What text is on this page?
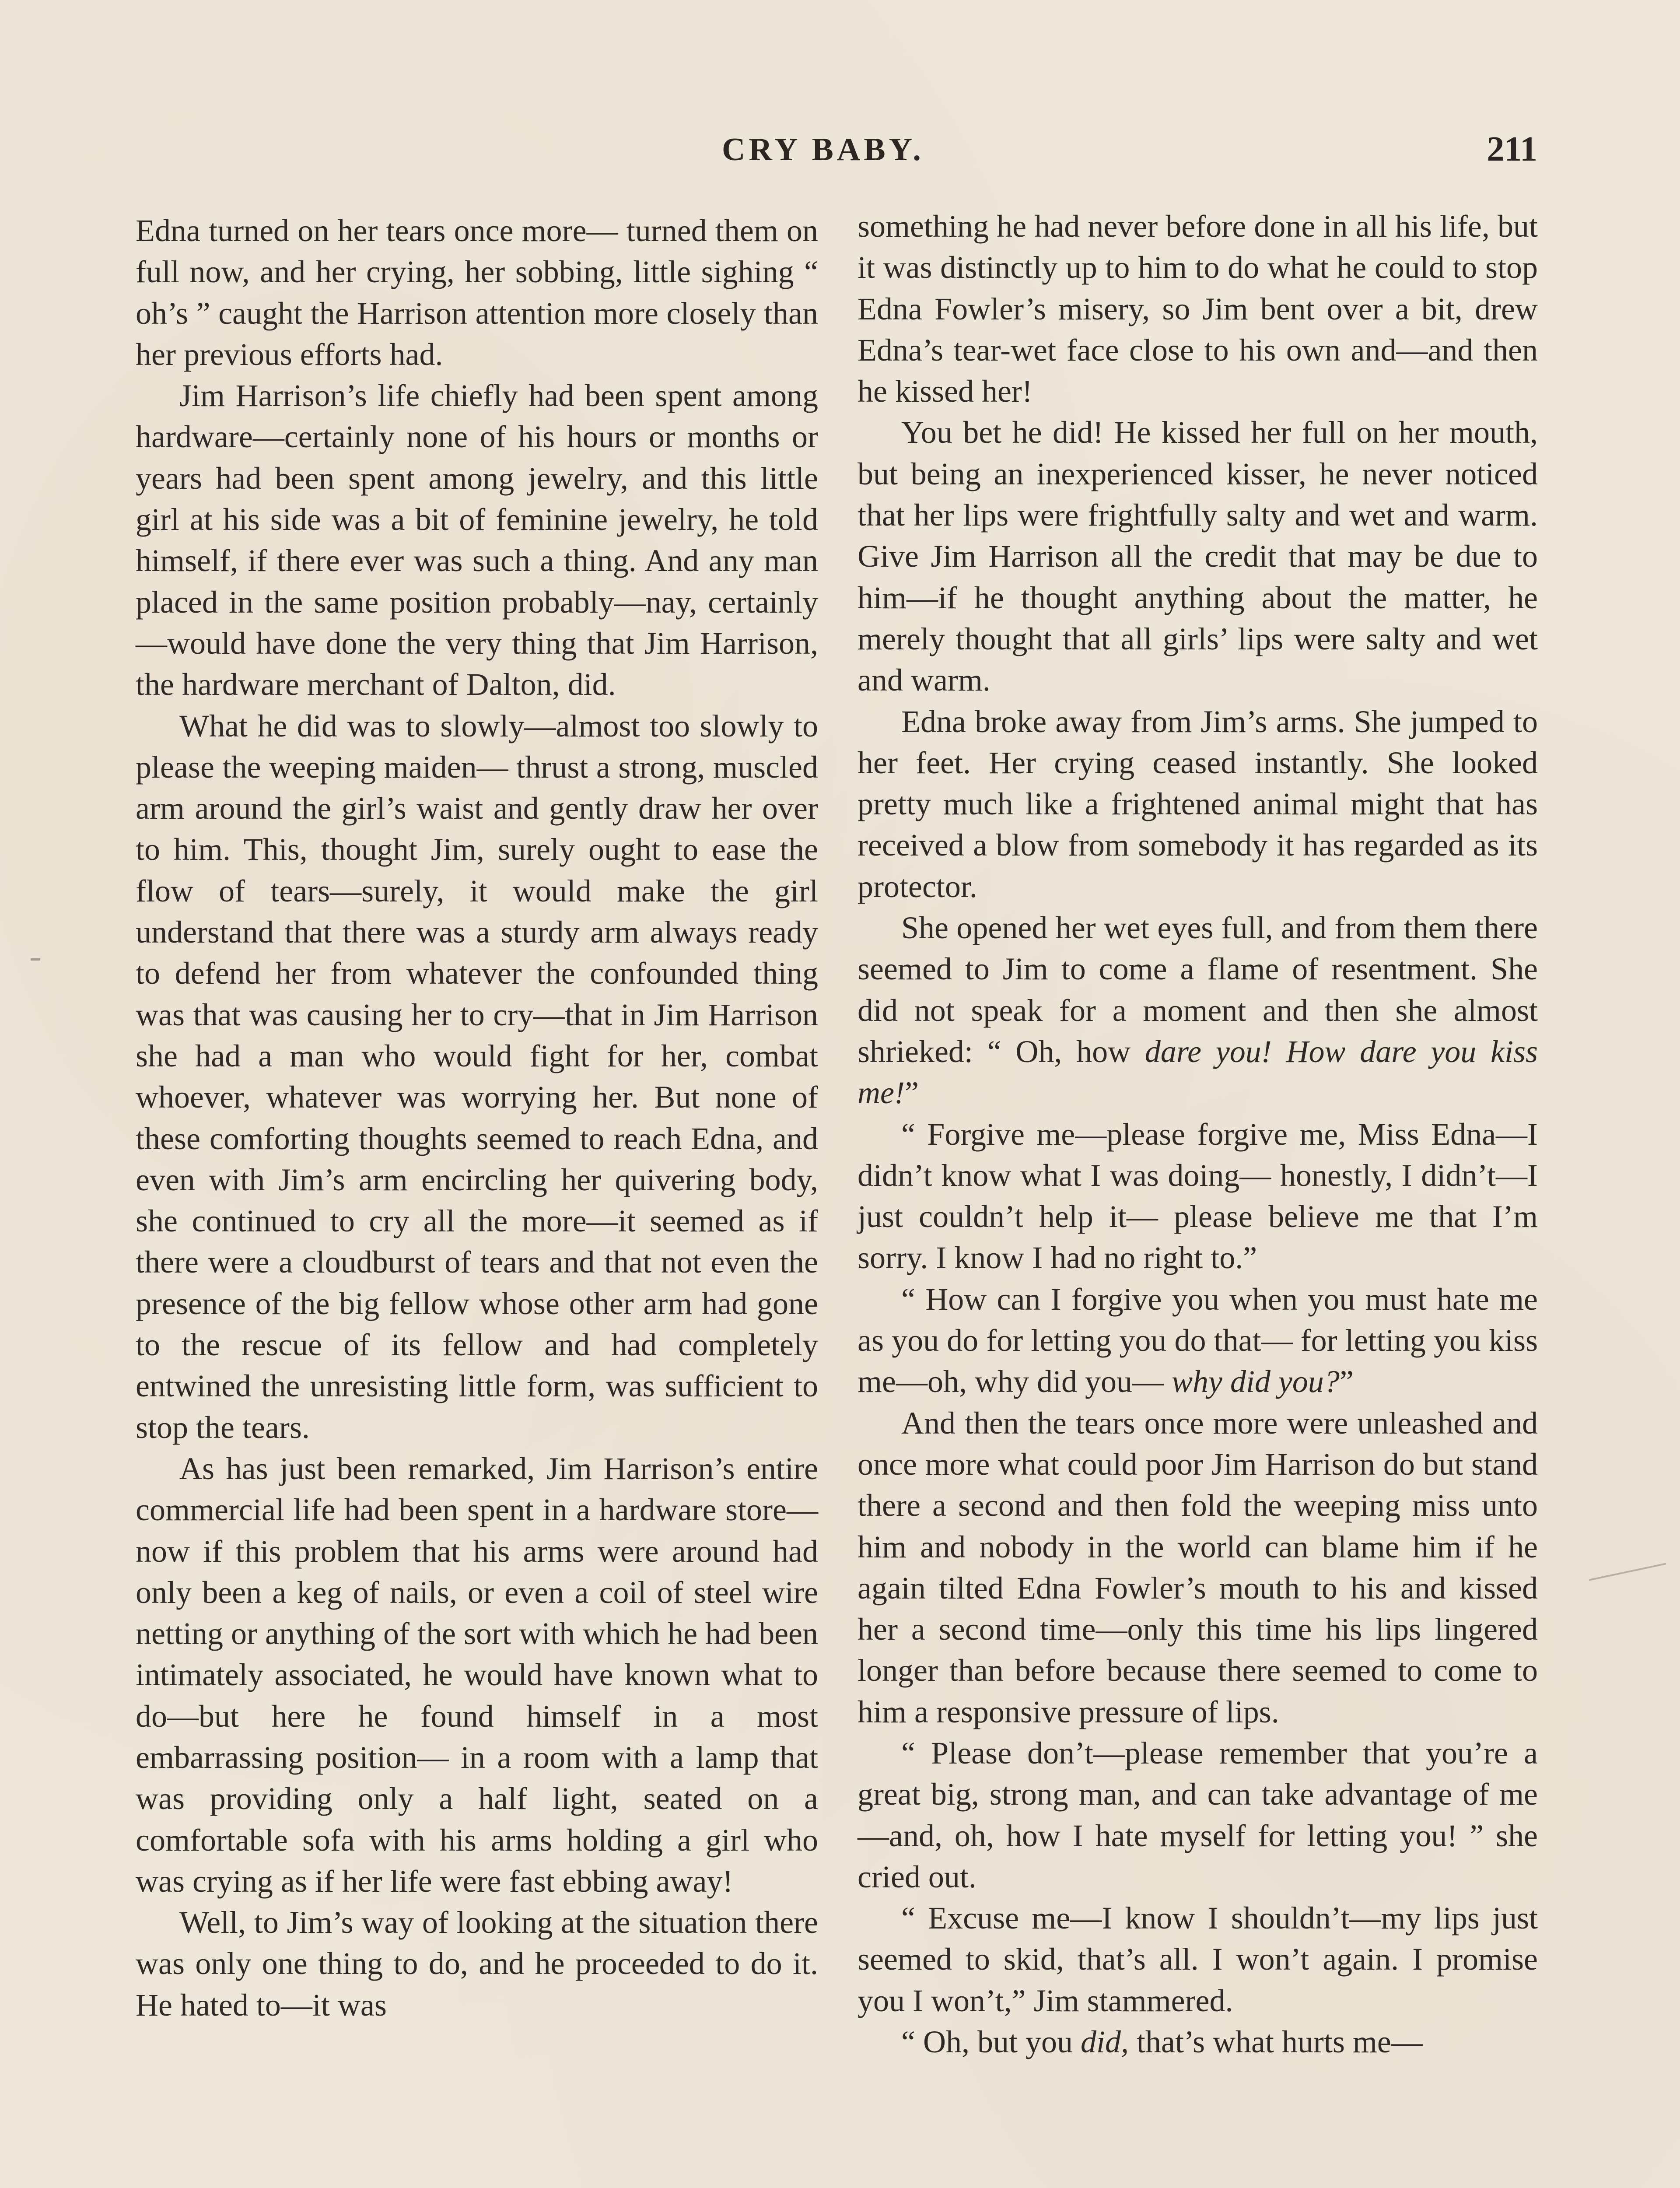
CRY BABY.	211

Edna turned on her tears once more— turned them on full now, and her crying, her sobbing, little sighing “ oh’s ” caught the Harrison attention more closely than her previous efforts had.

Jim Harrison’s life chiefly had been spent among hardware—certainly none of his hours or months or years had been spent among jewelry, and this little girl at his side was a bit of feminine jewelry, he told himself, if there ever was such a thing. And any man placed in the same position probably—nay, certainly—would have done the very thing that Jim Harrison, the hardware merchant of Dalton, did.

What he did was to slowly—almost too slowly to please the weeping maiden— thrust a strong, muscled arm around the girl’s waist and gently draw her over to him. This, thought Jim, surely ought to ease the flow of tears—surely, it would make the girl understand that there was a sturdy arm always ready to defend her from whatever the confounded thing was that was causing her to cry—that in Jim Harrison she had a man who would fight for her, combat whoever, whatever was worrying her. But none of these comforting thoughts seemed to reach Edna, and even with Jim’s arm encircling her quivering body, she continued to cry all the more—it seemed as if there were a cloudburst of tears and that not even the presence of the big fellow whose other arm had gone to the rescue of its fellow and had completely entwined the unresisting little form, was sufficient to stop the tears.

As has just been remarked, Jim Harrison’s entire commercial life had been spent in a hardware store—now if this problem that his arms were around had only been a keg of nails, or even a coil of steel wire netting or anything of the sort with which he had been intimately associated, he would have known what to do—but here he found himself in a most embarrassing position— in a room with a lamp that was providing only a half light, seated on a comfortable sofa with his arms holding a girl who was crying as if her life were fast ebbing away!

Well, to Jim’s way of looking at the situation there was only one thing to do, and he proceeded to do it. He hated to—it was

something he had never before done in all his life, but it was distinctly up to him to do what he could to stop Edna Fowler’s misery, so Jim bent over a bit, drew Edna’s tear-wet face close to his own and—and then he kissed her!

You bet he did! He kissed her full on her mouth, but being an inexperienced kisser, he never noticed that her lips were frightfully salty and wet and warm. Give Jim Harrison all the credit that may be due to him—if he thought anything about the matter, he merely thought that all girls’ lips were salty and wet and warm.

Edna broke away from Jim’s arms. She jumped to her feet. Her crying ceased instantly. She looked pretty much like a frightened animal might that has received a blow from somebody it has regarded as its protector.

She opened her wet eyes full, and from them there seemed to Jim to come a flame of resentment. She did not speak for a moment and then she almost shrieked: “ Oh, how dare you! How dare you kiss me!”

“ Forgive me—please forgive me, Miss Edna—I didn’t know what I was doing— honestly, I didn’t—I just couldn’t help it— please believe me that I’m sorry. I know I had no right to.”

“ How can I forgive you when you must hate me as you do for letting you do that— for letting you kiss me—oh, why did you— why did you?”

And then the tears once more were unleashed and once more what could poor Jim Harrison do but stand there a second and then fold the weeping miss unto him and nobody in the world can blame him if he again tilted Edna Fowler’s mouth to his and kissed her a second time—only this time his lips lingered longer than before because there seemed to come to him a responsive pressure of lips.

“ Please don’t—please remember that you’re a great big, strong man, and can take advantage of me—and, oh, how I hate myself for letting you! ” she cried out.

“ Excuse me—I know I shouldn’t—my lips just seemed to skid, that’s all. I won’t again. I promise you I won’t,” Jim stammered.

“ Oh, but you did, that’s what hurts me—
